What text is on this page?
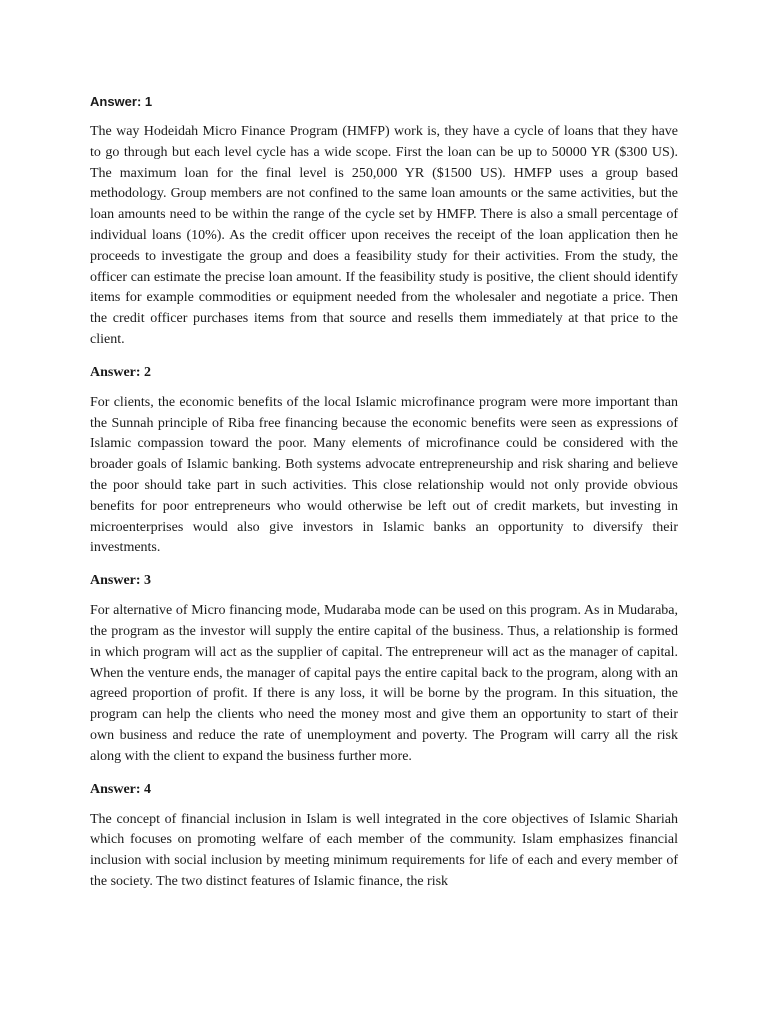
Answer: 1
The way Hodeidah Micro Finance Program (HMFP) work is, they have a cycle of loans that they have to go through but each level cycle has a wide scope. First the loan can be up to 50000 YR ($300 US). The maximum loan for the final level is 250,000 YR ($1500 US). HMFP uses a group based methodology. Group members are not confined to the same loan amounts or the same activities, but the loan amounts need to be within the range of the cycle set by HMFP. There is also a small percentage of individual loans (10%). As the credit officer upon receives the receipt of the loan application then he proceeds to investigate the group and does a feasibility study for their activities. From the study, the officer can estimate the precise loan amount. If the feasibility study is positive, the client should identify items for example commodities or equipment needed from the wholesaler and negotiate a price. Then the credit officer purchases items from that source and resells them immediately at that price to the client.
Answer: 2
For clients, the economic benefits of the local Islamic microfinance program were more important than the Sunnah principle of Riba free financing because the economic benefits were seen as expressions of Islamic compassion toward the poor. Many elements of microfinance could be considered with the broader goals of Islamic banking. Both systems advocate entrepreneurship and risk sharing and believe the poor should take part in such activities. This close relationship would not only provide obvious benefits for poor entrepreneurs who would otherwise be left out of credit markets, but investing in microenterprises would also give investors in Islamic banks an opportunity to diversify their investments.
Answer: 3
For alternative of Micro financing mode, Mudaraba mode can be used on this program. As in Mudaraba, the program as the investor will supply the entire capital of the business. Thus, a relationship is formed in which program will act as the supplier of capital. The entrepreneur will act as the manager of capital. When the venture ends, the manager of capital pays the entire capital back to the program, along with an agreed proportion of profit. If there is any loss, it will be borne by the program. In this situation, the program can help the clients who need the money most and give them an opportunity to start of their own business and reduce the rate of unemployment and poverty. The Program will carry all the risk along with the client to expand the business further more.
Answer: 4
The concept of financial inclusion in Islam is well integrated in the core objectives of Islamic Shariah which focuses on promoting welfare of each member of the community. Islam emphasizes financial inclusion with social inclusion by meeting minimum requirements for life of each and every member of the society. The two distinct features of Islamic finance, the risk
